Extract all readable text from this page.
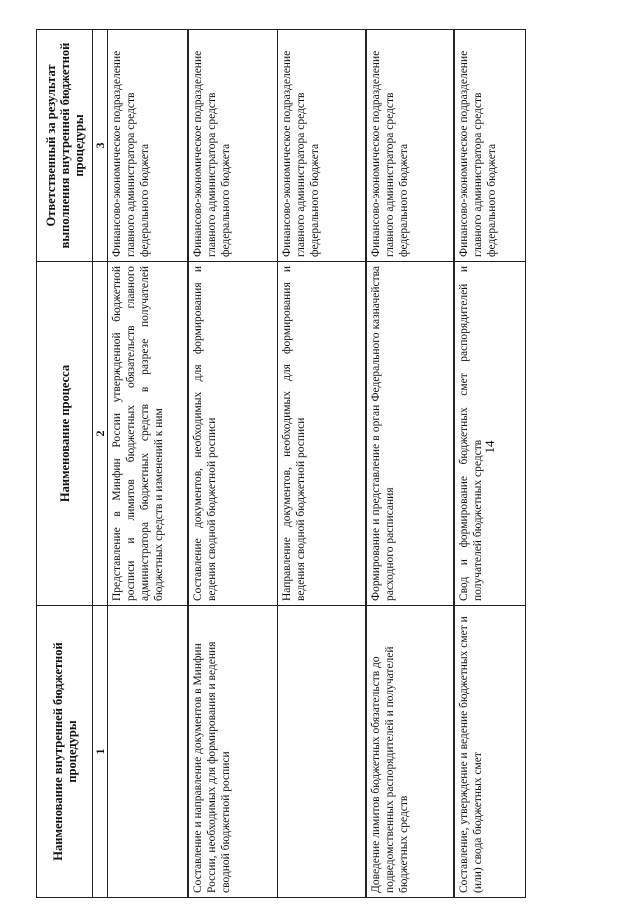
14
Наименование внутренней бюджетной процедуры	Наименование процесса	Ответственный за результат выполнения внутренней бюджетной процедуры
1	2	3
	Представление в Минфин России утвержденной бюджетной росписи и лимитов бюджетных обязательств главного администратора бюджетных средств в разрезе получателей бюджетных средств и изменений к ним	Финансово-экономическое подразделение главного администратора средств федерального бюджета
Составление и направление документов в Минфин России, необходимых для формирования и ведения сводной бюджетной росписи	Составление документов, необходимых для формирования и ведения сводной бюджетной росписи	Финансово-экономическое подразделение главного администратора средств федерального бюджета
	Направление документов, необходимых для формирования и ведения сводной бюджетной росписи	Финансово-экономическое подразделение главного администратора средств федерального бюджета
Доведение лимитов бюджетных обязательств до подведомственных распорядителей и получателей бюджетных средств	Формирование и представление в орган Федерального казначейства расходного расписания	Финансово-экономическое подразделение главного администратора средств федерального бюджета
Составление, утверждение и ведение бюджетных смет и (или) свода бюджетных смет	Свод и формирование бюджетных смет распорядителей и получателей бюджетных средств	Финансово-экономическое подразделение главного администратора средств федерального бюджета
